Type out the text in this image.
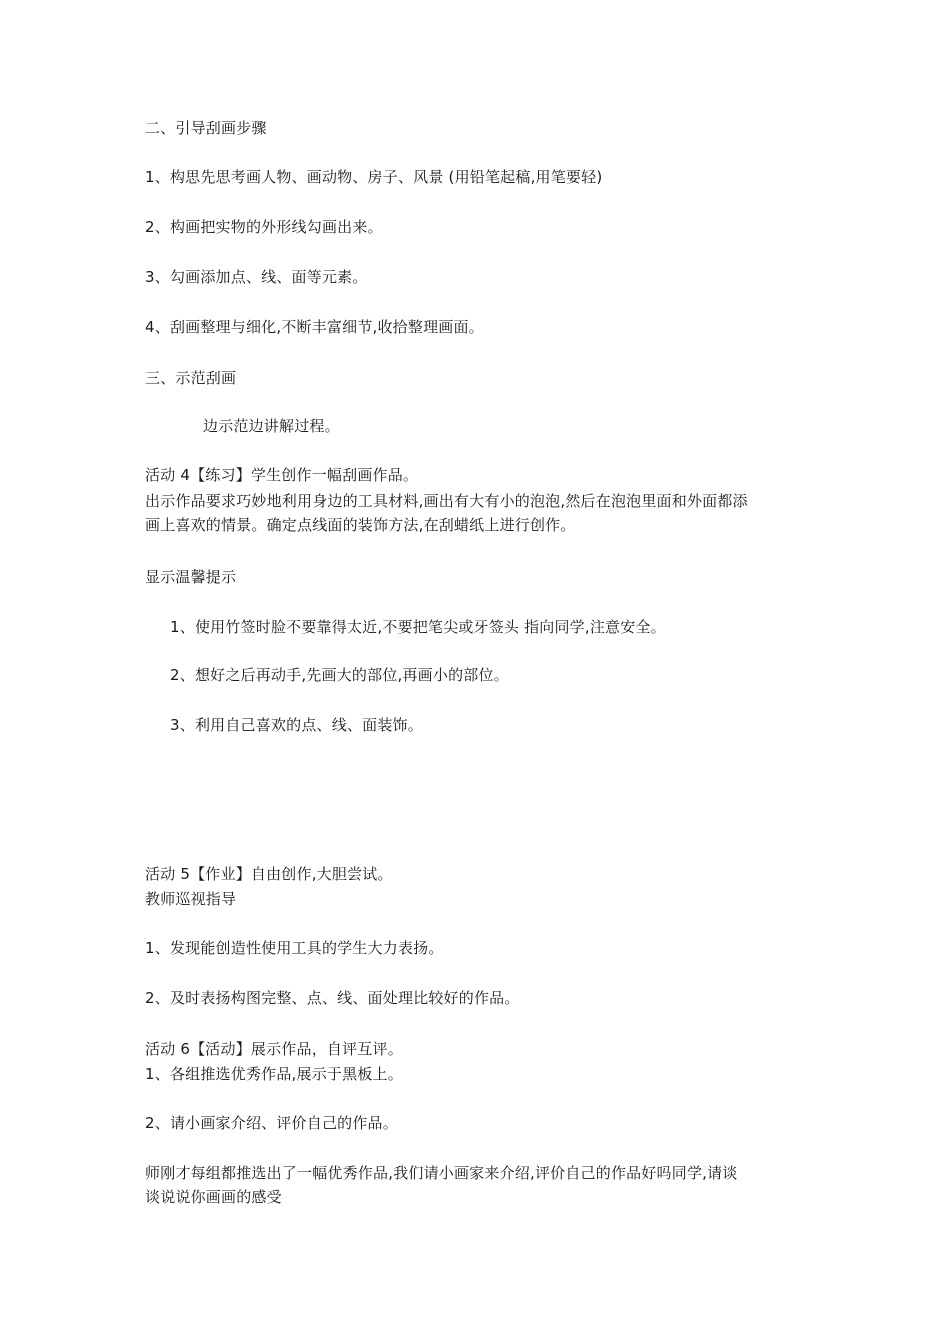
二、引导刮画步骤
1、构思先思考画人物、画动物、房子、风景 (用铅笔起稿,用笔要轻)
2、构画把实物的外形线勾画出来。
3、勾画添加点、线、面等元素。
4、刮画整理与细化,不断丰富细节,收拾整理画面。
三、示范刮画
边示范边讲解过程。
活动 4【练习】学生创作一幅刮画作品。
出示作品要求巧妙地利用身边的工具材料,画出有大有小的泡泡,然后在泡泡里面和外面都添
画上喜欢的情景。确定点线面的装饰方法,在刮蜡纸上进行创作。
显示温馨提示
1、使用竹签时脸不要靠得太近,不要把笔尖或牙签头 指向同学,注意安全。
2、想好之后再动手,先画大的部位,再画小的部位。
3、利用自己喜欢的点、线、面装饰。
活动 5【作业】自由创作,大胆尝试。
教师巡视指导
1、发现能创造性使用工具的学生大力表扬。
2、及时表扬构图完整、点、线、面处理比较好的作品。
活动 6【活动】展示作品，自评互评。
1、各组推选优秀作品,展示于黑板上。
2、请小画家介绍、评价自己的作品。
师刚才每组都推选出了一幅优秀作品,我们请小画家来介绍,评价自己的作品好吗同学,请谈
谈说说你画画的感受
